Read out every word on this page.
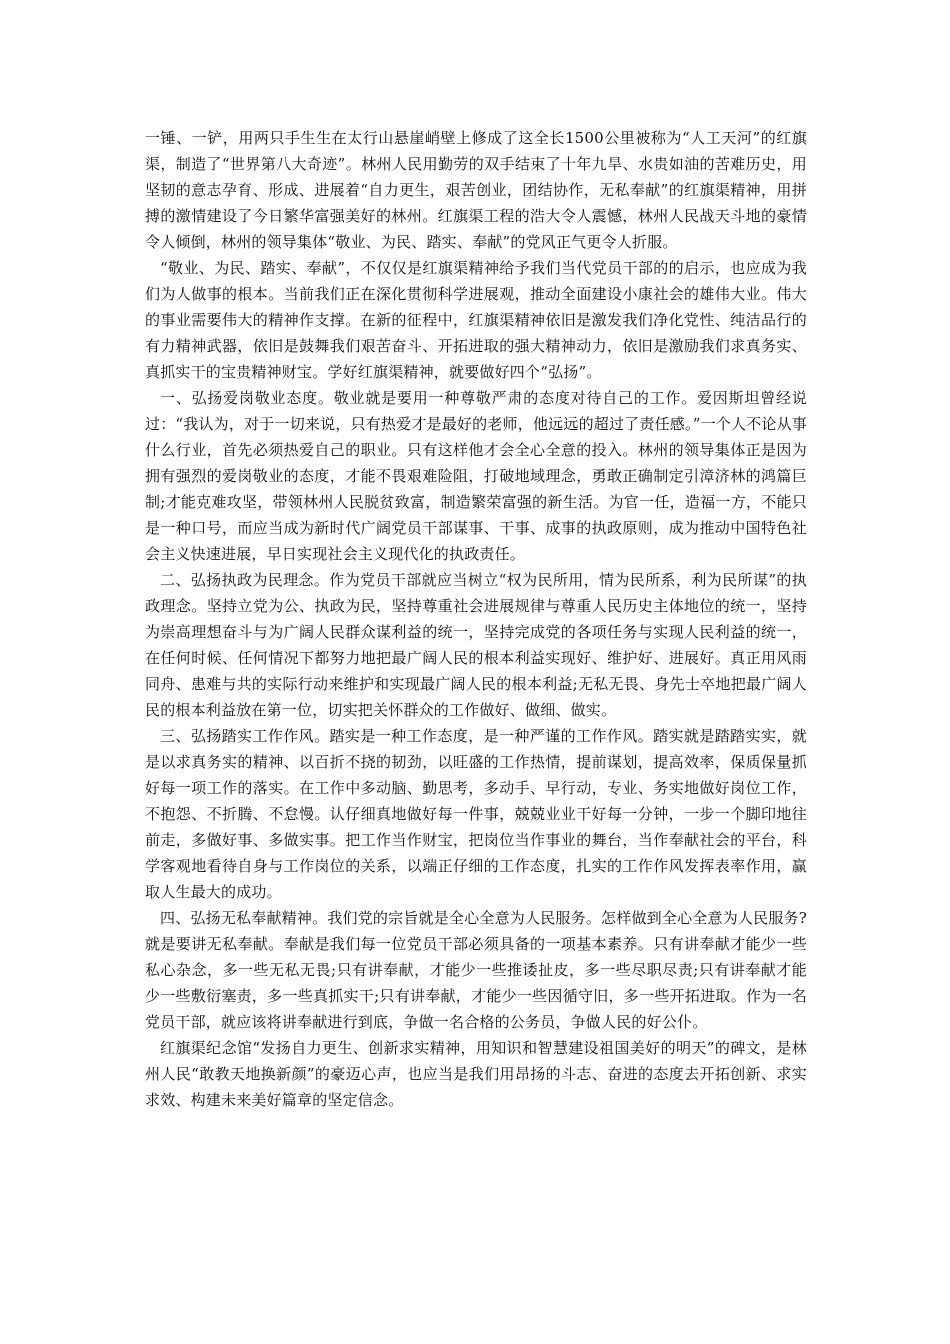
一锤、一铲，用两只手生生在太行山悬崖峭壁上修成了这全长1500公里被称为“人工天河”的红旗渠，制造了“世界第八大奇迹”。林州人民用勤劳的双手结束了十年九旱、水贵如油的苦难历史，用坚韧的意志孕育、形成、进展着“自力更生，艰苦创业，团结协作，无私奉献”的红旗渠精神，用拼搏的激情建设了今日繁华富强美好的林州。红旗渠工程的浩大令人震憾，林州人民战天斗地的豪情令人倾倒，林州的领导集体“敬业、为民、踏实、奉献”的党风正气更令人折服。

“敬业、为民、踏实、奉献”，不仅仅是红旗渠精神给予我们当代党员干部的的启示，也应成为我们为人做事的根本。当前我们正在深化贯彻科学进展观，推动全面建设小康社会的雄伟大业。伟大的事业需要伟大的精神作支撑。在新的征程中，红旗渠精神依旧是激发我们净化党性、纯洁品行的有力精神武器，依旧是鼓舞我们艰苦奋斗、开拓进取的强大精神动力，依旧是激励我们求真务实、真抓实干的宝贵精神财宝。学好红旗渠精神，就要做好四个“弘扬”。

一、弘扬爱岗敬业态度。敬业就是要用一种尊敬严肃的态度对待自己的工作。爱因斯坦曾经说过：“我认为，对于一切来说，只有热爱才是最好的老师，他远远的超过了责任感。”一个人不论从事什么行业，首先必须热爱自己的职业。只有这样他才会全心全意的投入。林州的领导集体正是因为拥有强烈的爱岗敬业的态度，才能不畏艰难险阻，打破地域理念，勇敢正确制定引漳济林的鸿篇巨制;才能克难攻坚，带领林州人民脱贫致富，制造繁荣富强的新生活。为官一任，造福一方，不能只是一种口号，而应当成为新时代广阔党员干部谋事、干事、成事的执政原则，成为推动中国特色社会主义快速进展，早日实现社会主义现代化的执政责任。

二、弘扬执政为民理念。作为党员干部就应当树立“权为民所用，情为民所系，利为民所谋”的执政理念。坚持立党为公、执政为民，坚持尊重社会进展规律与尊重人民历史主体地位的统一，坚持为崇高理想奋斗与为广阔人民群众谋利益的统一，坚持完成党的各项任务与实现人民利益的统一，在任何时候、任何情况下都努力地把最广阔人民的根本利益实现好、维护好、进展好。真正用风雨同舟、患难与共的实际行动来维护和实现最广阔人民的根本利益;无私无畏、身先士卒地把最广阔人民的根本利益放在第一位，切实把关怀群众的工作做好、做细、做实。

三、弘扬踏实工作作风。踏实是一种工作态度，是一种严谨的工作作风。踏实就是踏踏实实，就是以求真务实的精神、以百折不挠的韧劲，以旺盛的工作热情，提前谋划，提高效率，保质保量抓好每一项工作的落实。在工作中多动脑、勤思考，多动手、早行动，专业、务实地做好岗位工作，不抱怨、不折腾、不怠慢。认仔细真地做好每一件事，兢兢业业干好每一分钟，一步一个脚印地往前走，多做好事、多做实事。把工作当作财宝，把岗位当作事业的舞台，当作奉献社会的平台，科学客观地看待自身与工作岗位的关系，以端正仔细的工作态度，扎实的工作作风发挥表率作用，赢取人生最大的成功。

四、弘扬无私奉献精神。我们党的宗旨就是全心全意为人民服务。怎样做到全心全意为人民服务?就是要讲无私奉献。奉献是我们每一位党员干部必须具备的一项基本素养。只有讲奉献才能少一些私心杂念，多一些无私无畏;只有讲奉献，才能少一些推诿扯皮，多一些尽职尽责;只有讲奉献才能少一些敷衍塞责，多一些真抓实干;只有讲奉献，才能少一些因循守旧，多一些开拓进取。作为一名党员干部，就应该将讲奉献进行到底，争做一名合格的公务员，争做人民的好公仆。

红旗渠纪念馆“发扬自力更生、创新求实精神，用知识和智慧建设祖国美好的明天”的碑文，是林州人民“敢教天地换新颜”的豪迈心声，也应当是我们用昂扬的斗志、奋进的态度去开拓创新、求实求效、构建未来美好篇章的坚定信念。
